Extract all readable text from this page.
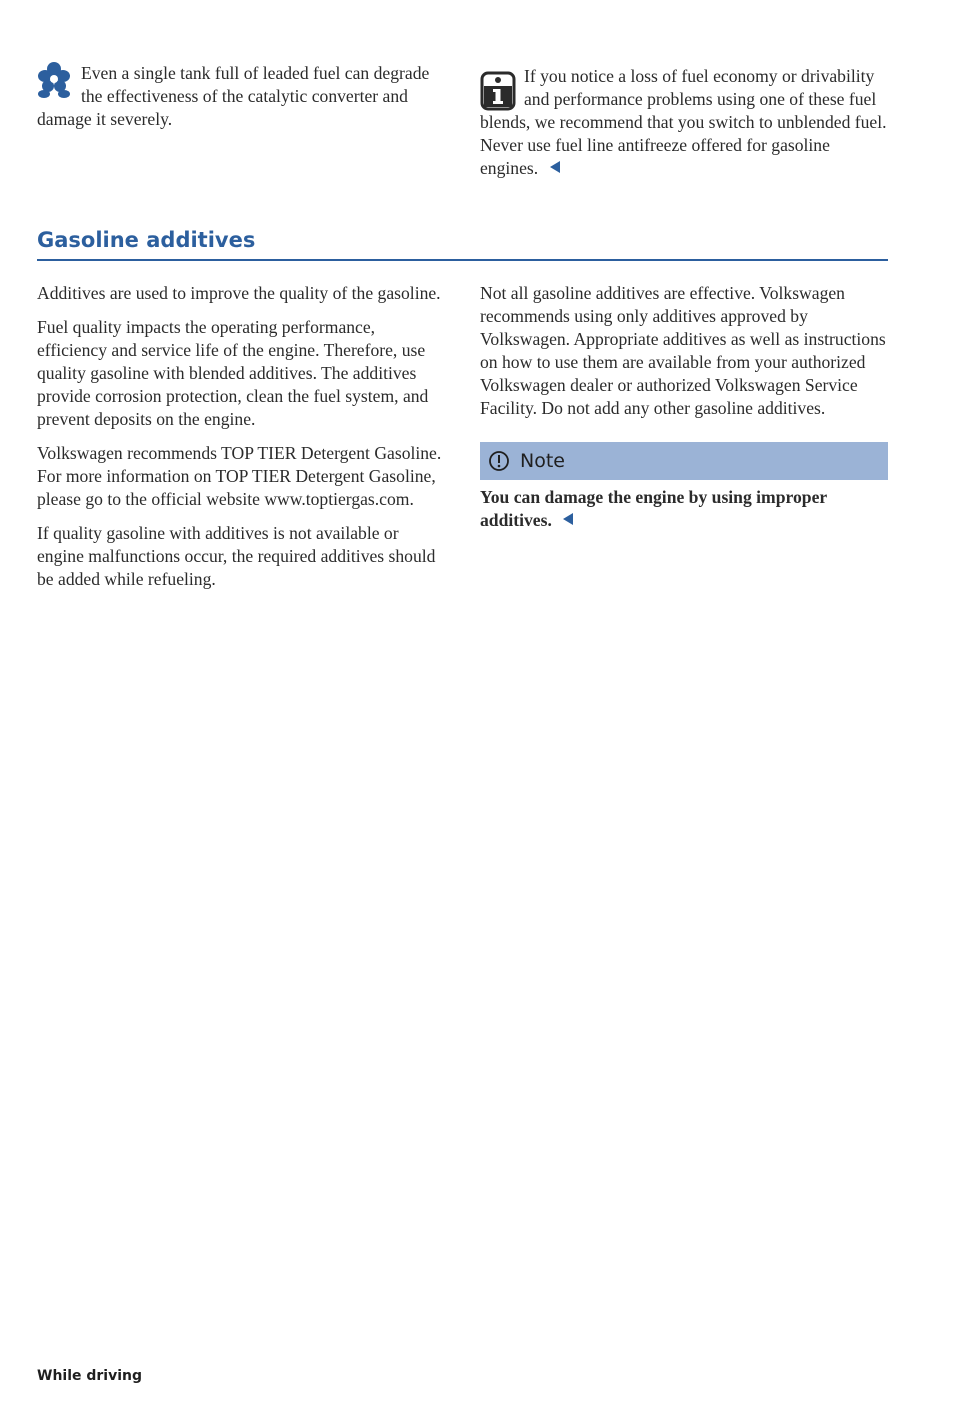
Even a single tank full of leaded fuel can degrade the effectiveness of the catalytic converter and damage it severely.

If you notice a loss of fuel economy or drivability and performance problems using one of these fuel blends, we recommend that you switch to unblended fuel. Never use fuel line antifreeze offered for gasoline engines.

Gasoline additives

Additives are used to improve the quality of the gasoline.

Fuel quality impacts the operating performance, efficiency and service life of the engine. Therefore, use quality gasoline with blended additives. The additives provide corrosion protection, clean the fuel system, and prevent deposits on the engine.

Volkswagen recommends TOP TIER Detergent Gasoline. For more information on TOP TIER Detergent Gasoline, please go to the official website www.toptiergas.com.

If quality gasoline with additives is not available or engine malfunctions occur, the required additives should be added while refueling.

Not all gasoline additives are effective. Volkswagen recommends using only additives approved by Volkswagen. Appropriate additives as well as instructions on how to use them are available from your authorized Volkswagen dealer or authorized Volkswagen Service Facility. Do not add any other gasoline additives.

Note
You can damage the engine by using improper additives.
While driving
